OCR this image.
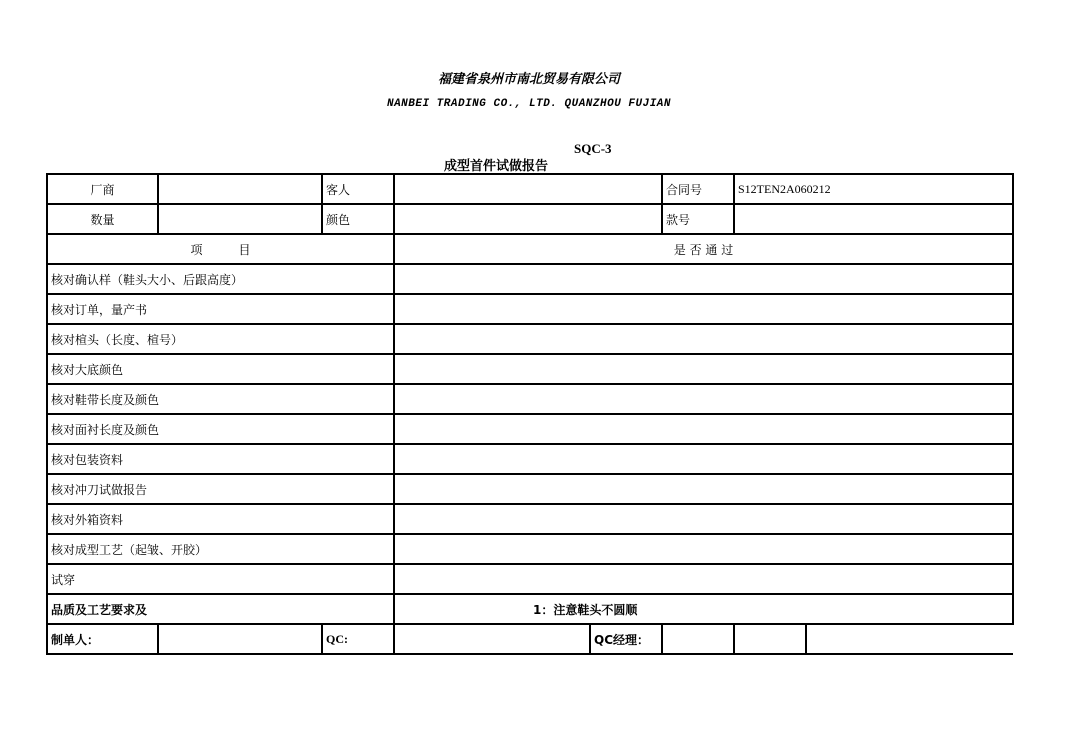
福建省泉州市南北贸易有限公司
NANBEI TRADING CO., LTD. QUANZHOU FUJIAN
SQC-3
成型首件试做报告
厂商		客人			合同号	S12TEN2A060212	
数量		颜色			款号		
项　　　目			是 否 通 过				
核对确认样（鞋头大小、后跟高度）							
核对订单，量产书							
核对楦头（长度、楦号）							
核对大底颜色							
核对鞋带长度及颜色							
核对面衬长度及颜色							
核对包装资料							
核对冲刀试做报告							
核对外箱资料							
核对成型工艺（起皱、开胶）							
试穿							
品质及工艺要求及			1：注意鞋头不圆顺				
制单人：		QC:		QC经理：			
